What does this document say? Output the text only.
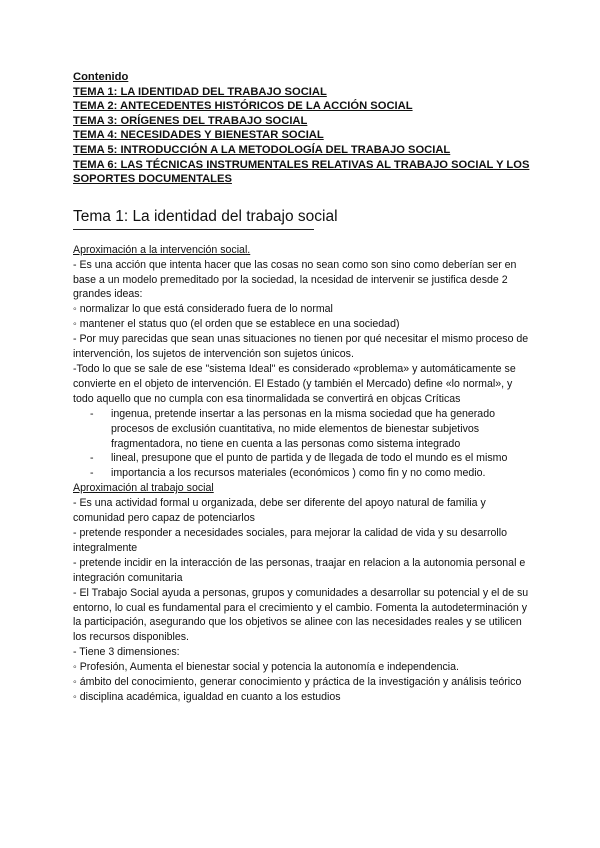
Contenido
TEMA 1: LA IDENTIDAD DEL TRABAJO SOCIAL
TEMA 2: ANTECEDENTES HISTÓRICOS DE LA ACCIÓN SOCIAL
TEMA 3: ORÍGENES DEL TRABAJO SOCIAL
TEMA 4: NECESIDADES Y BIENESTAR SOCIAL
TEMA 5: INTRODUCCIÓN A LA METODOLOGÍA DEL TRABAJO SOCIAL
TEMA 6: LAS TÉCNICAS INSTRUMENTALES RELATIVAS AL TRABAJO SOCIAL Y LOS SOPORTES DOCUMENTALES
Tema 1: La identidad del trabajo social

Aproximación a la intervención social.

- Es una acción que intenta hacer que las cosas no sean como son sino como deberían ser en base a un modelo premeditado por la sociedad, la ncesidad de intervenir se justifica desde 2 grandes ideas:

◦ normalizar lo que está considerado fuera de lo normal

◦ mantener el status quo (el orden que se establece en una sociedad)

- Por muy parecidas que sean unas situaciones no tienen por qué necesitar el mismo proceso de intervención, los sujetos de intervención son sujetos únicos.

-Todo lo que se sale de ese "sistema Ideal" es considerado «problema» y automáticamente se convierte en el objeto de intervención. El Estado (y también el Mercado) define «lo normal», y todo aquello que no cumpla con esa tinormalidada se convertirá en objcas Críticas

- ingenua, pretende insertar a las personas en la misma sociedad que ha generado procesos de exclusión cuantitativa, no mide elementos de bienestar subjetivos fragmentadora, no tiene en cuenta a las personas como sistema integrado
- lineal, presupone que el punto de partida y de llegada de todo el mundo es el mismo
- importancia a los recursos materiales (económicos ) como fin y no como medio.

Aproximación al trabajo social

- Es una actividad formal u organizada, debe ser diferente del apoyo natural de familia y comunidad pero capaz de potenciarlos

- pretende responder a necesidades sociales, para mejorar la calidad de vida y su desarrollo integralmente

- pretende incidir en la interacción de las personas, traajar en relacion a la autonomia personal e integración comunitaria

- El Trabajo Social ayuda a personas, grupos y comunidades a desarrollar su potencial y el de su entorno, lo cual es fundamental para el crecimiento y el cambio. Fomenta la autodeterminación y la participación, asegurando que los objetivos se alinee con las necesidades reales y se utilicen los recursos disponibles.

- Tiene 3 dimensiones:

◦ Profesión, Aumenta el bienestar social y potencia la autonomía e independencia.

◦ ámbito del conocimiento, generar conocimiento y práctica de la investigación y análisis teórico

◦ disciplina académica, igualdad en cuanto a los estudios
